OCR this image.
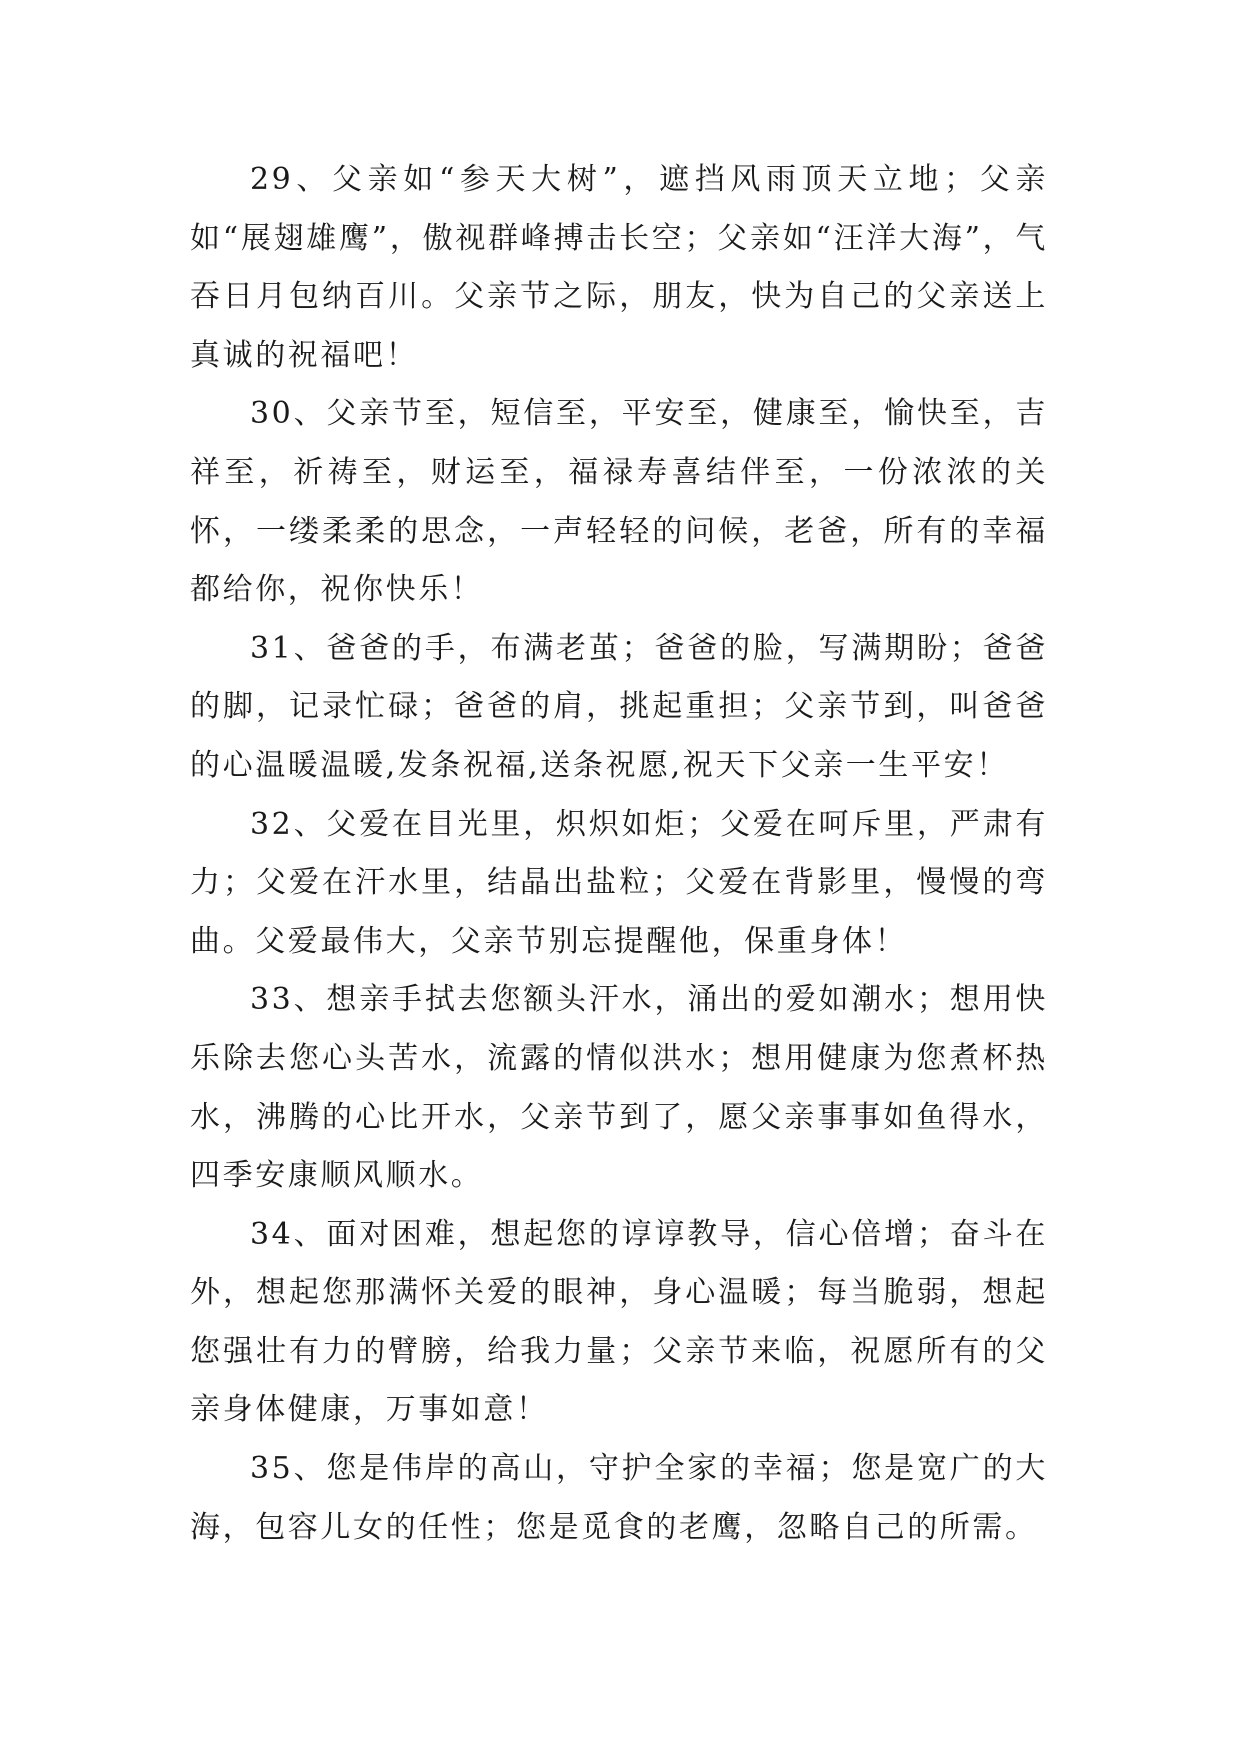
29、父亲如“参天大树”，遮挡风雨顶天立地；父亲如“展翅雄鹰”，傲视群峰搏击长空；父亲如“汪洋大海”，气吞日月包纳百川。父亲节之际，朋友，快为自己的父亲送上真诚的祝福吧！

30、父亲节至，短信至，平安至，健康至，愉快至，吉祥至，祈祷至，财运至，福禄寿喜结伴至，一份浓浓的关怀，一缕柔柔的思念，一声轻轻的问候，老爸，所有的幸福都给你，祝你快乐！

31、爸爸的手，布满老茧；爸爸的脸，写满期盼；爸爸的脚，记录忙碌；爸爸的肩，挑起重担；父亲节到，叫爸爸的心温暖温暖,发条祝福,送条祝愿,祝天下父亲一生平安！

32、父爱在目光里，炽炽如炬；父爱在呵斥里，严肃有力；父爱在汗水里，结晶出盐粒；父爱在背影里，慢慢的弯曲。父爱最伟大，父亲节别忘提醒他，保重身体！

33、想亲手拭去您额头汗水，涌出的爱如潮水；想用快乐除去您心头苦水，流露的情似洪水；想用健康为您煮杯热水，沸腾的心比开水，父亲节到了，愿父亲事事如鱼得水，四季安康顺风顺水。

34、面对困难，想起您的谆谆教导，信心倍增；奋斗在外，想起您那满怀关爱的眼神，身心温暖；每当脆弱，想起您强壮有力的臂膀，给我力量；父亲节来临，祝愿所有的父亲身体健康，万事如意！

35、您是伟岸的高山，守护全家的幸福；您是宽广的大海，包容儿女的任性；您是觅食的老鹰，忽略自己的所需。
